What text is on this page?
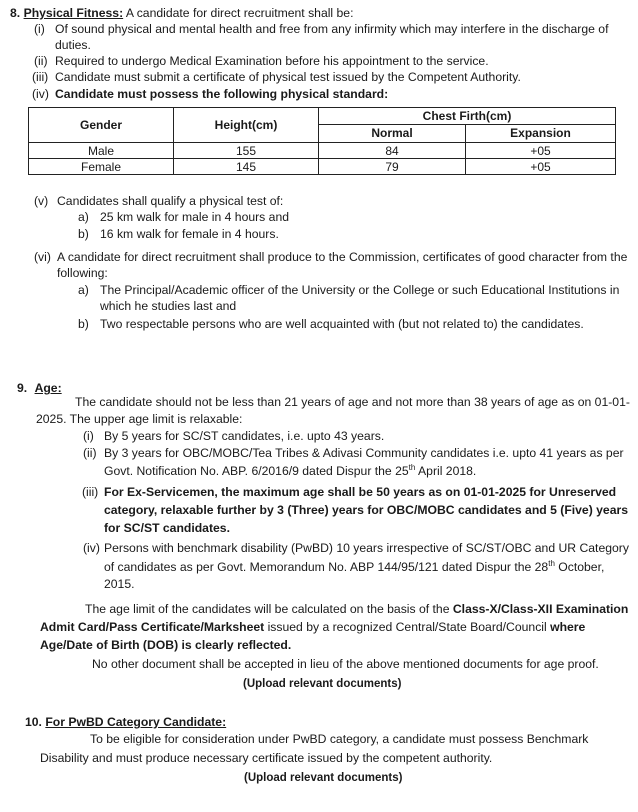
8. Physical Fitness: A candidate for direct recruitment shall be:
(i) Of sound physical and mental health and free from any infirmity which may interfere in the discharge of
duties.
(ii) Required to undergo Medical Examination before his appointment to the service.
(iii) Candidate must submit a certificate of physical test issued by the Competent Authority.
(iv) Candidate must possess the following physical standard:
Gender	Height(cm)	Chest Firth(cm)	
		Normal	Expansion
Male	155	84	+05
Female	145	79	+05
(v) Candidates shall qualify a physical test of:
a) 25 km walk for male in 4 hours and
b) 16 km walk for female in 4 hours.
(vi) A candidate for direct recruitment shall produce to the Commission, certificates of good character from the
following:
a) The Principal/Academic officer of the University or the College or such Educational Institutions in
which he studies last and
b) Two respectable persons who are well acquainted with (but not related to) the candidates.
9. Age:
The candidate should not be less than 21 years of age and not more than 38 years of age as on 01-01-
2025. The upper age limit is relaxable:
(i) By 5 years for SC/ST candidates, i.e. upto 43 years.
(ii) By 3 years for OBC/MOBC/Tea Tribes & Adivasi Community candidates i.e. upto 41 years as per
Govt. Notification No. ABP. 6/2016/9 dated Dispur the 25th April 2018.
(iii) For Ex-Servicemen, the maximum age shall be 50 years as on 01-01-2025 for Unreserved
category, relaxable further by 3 (Three) years for OBC/MOBC candidates and 5 (Five) years
for SC/ST candidates.
(iv) Persons with benchmark disability (PwBD) 10 years irrespective of SC/ST/OBC and UR Category
of candidates as per Govt. Memorandum No. ABP 144/95/121 dated Dispur the 28th October,
2015.
The age limit of the candidates will be calculated on the basis of the Class-X/Class-XII Examination
Admit Card/Pass Certificate/Marksheet issued by a recognized Central/State Board/Council where
Age/Date of Birth (DOB) is clearly reflected.
No other document shall be accepted in lieu of the above mentioned documents for age proof.
(Upload relevant documents)
10. For PwBD Category Candidate:
To be eligible for consideration under PwBD category, a candidate must possess Benchmark
Disability and must produce necessary certificate issued by the competent authority.
(Upload relevant documents)
